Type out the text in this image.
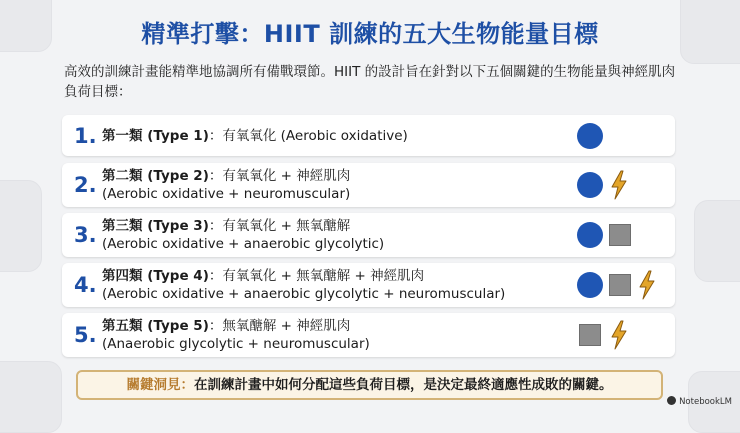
精準打擊：HIIT 訓練的五大生物能量目標
高效的訓練計畫能精準地協調所有備戰環節。HIIT 的設計旨在針對以下五個關鍵的生物能量與神經肌肉負荷目標：
1. 第一類 (Type 1)：有氧氧化 (Aerobic oxidative)
2. 第二類 (Type 2)：有氧氧化 + 神經肌肉
(Aerobic oxidative + neuromuscular)
3. 第三類 (Type 3)：有氧氧化 + 無氧醣解
(Aerobic oxidative + anaerobic glycolytic)
4. 第四類 (Type 4)：有氧氧化 + 無氧醣解 + 神經肌肉
(Aerobic oxidative + anaerobic glycolytic + neuromuscular)
5. 第五類 (Type 5)：無氧醣解 + 神經肌肉
(Anaerobic glycolytic + neuromuscular)
關鍵洞見：在訓練計畫中如何分配這些負荷目標，是決定最終適應性成敗的關鍵。
NotebookLM
